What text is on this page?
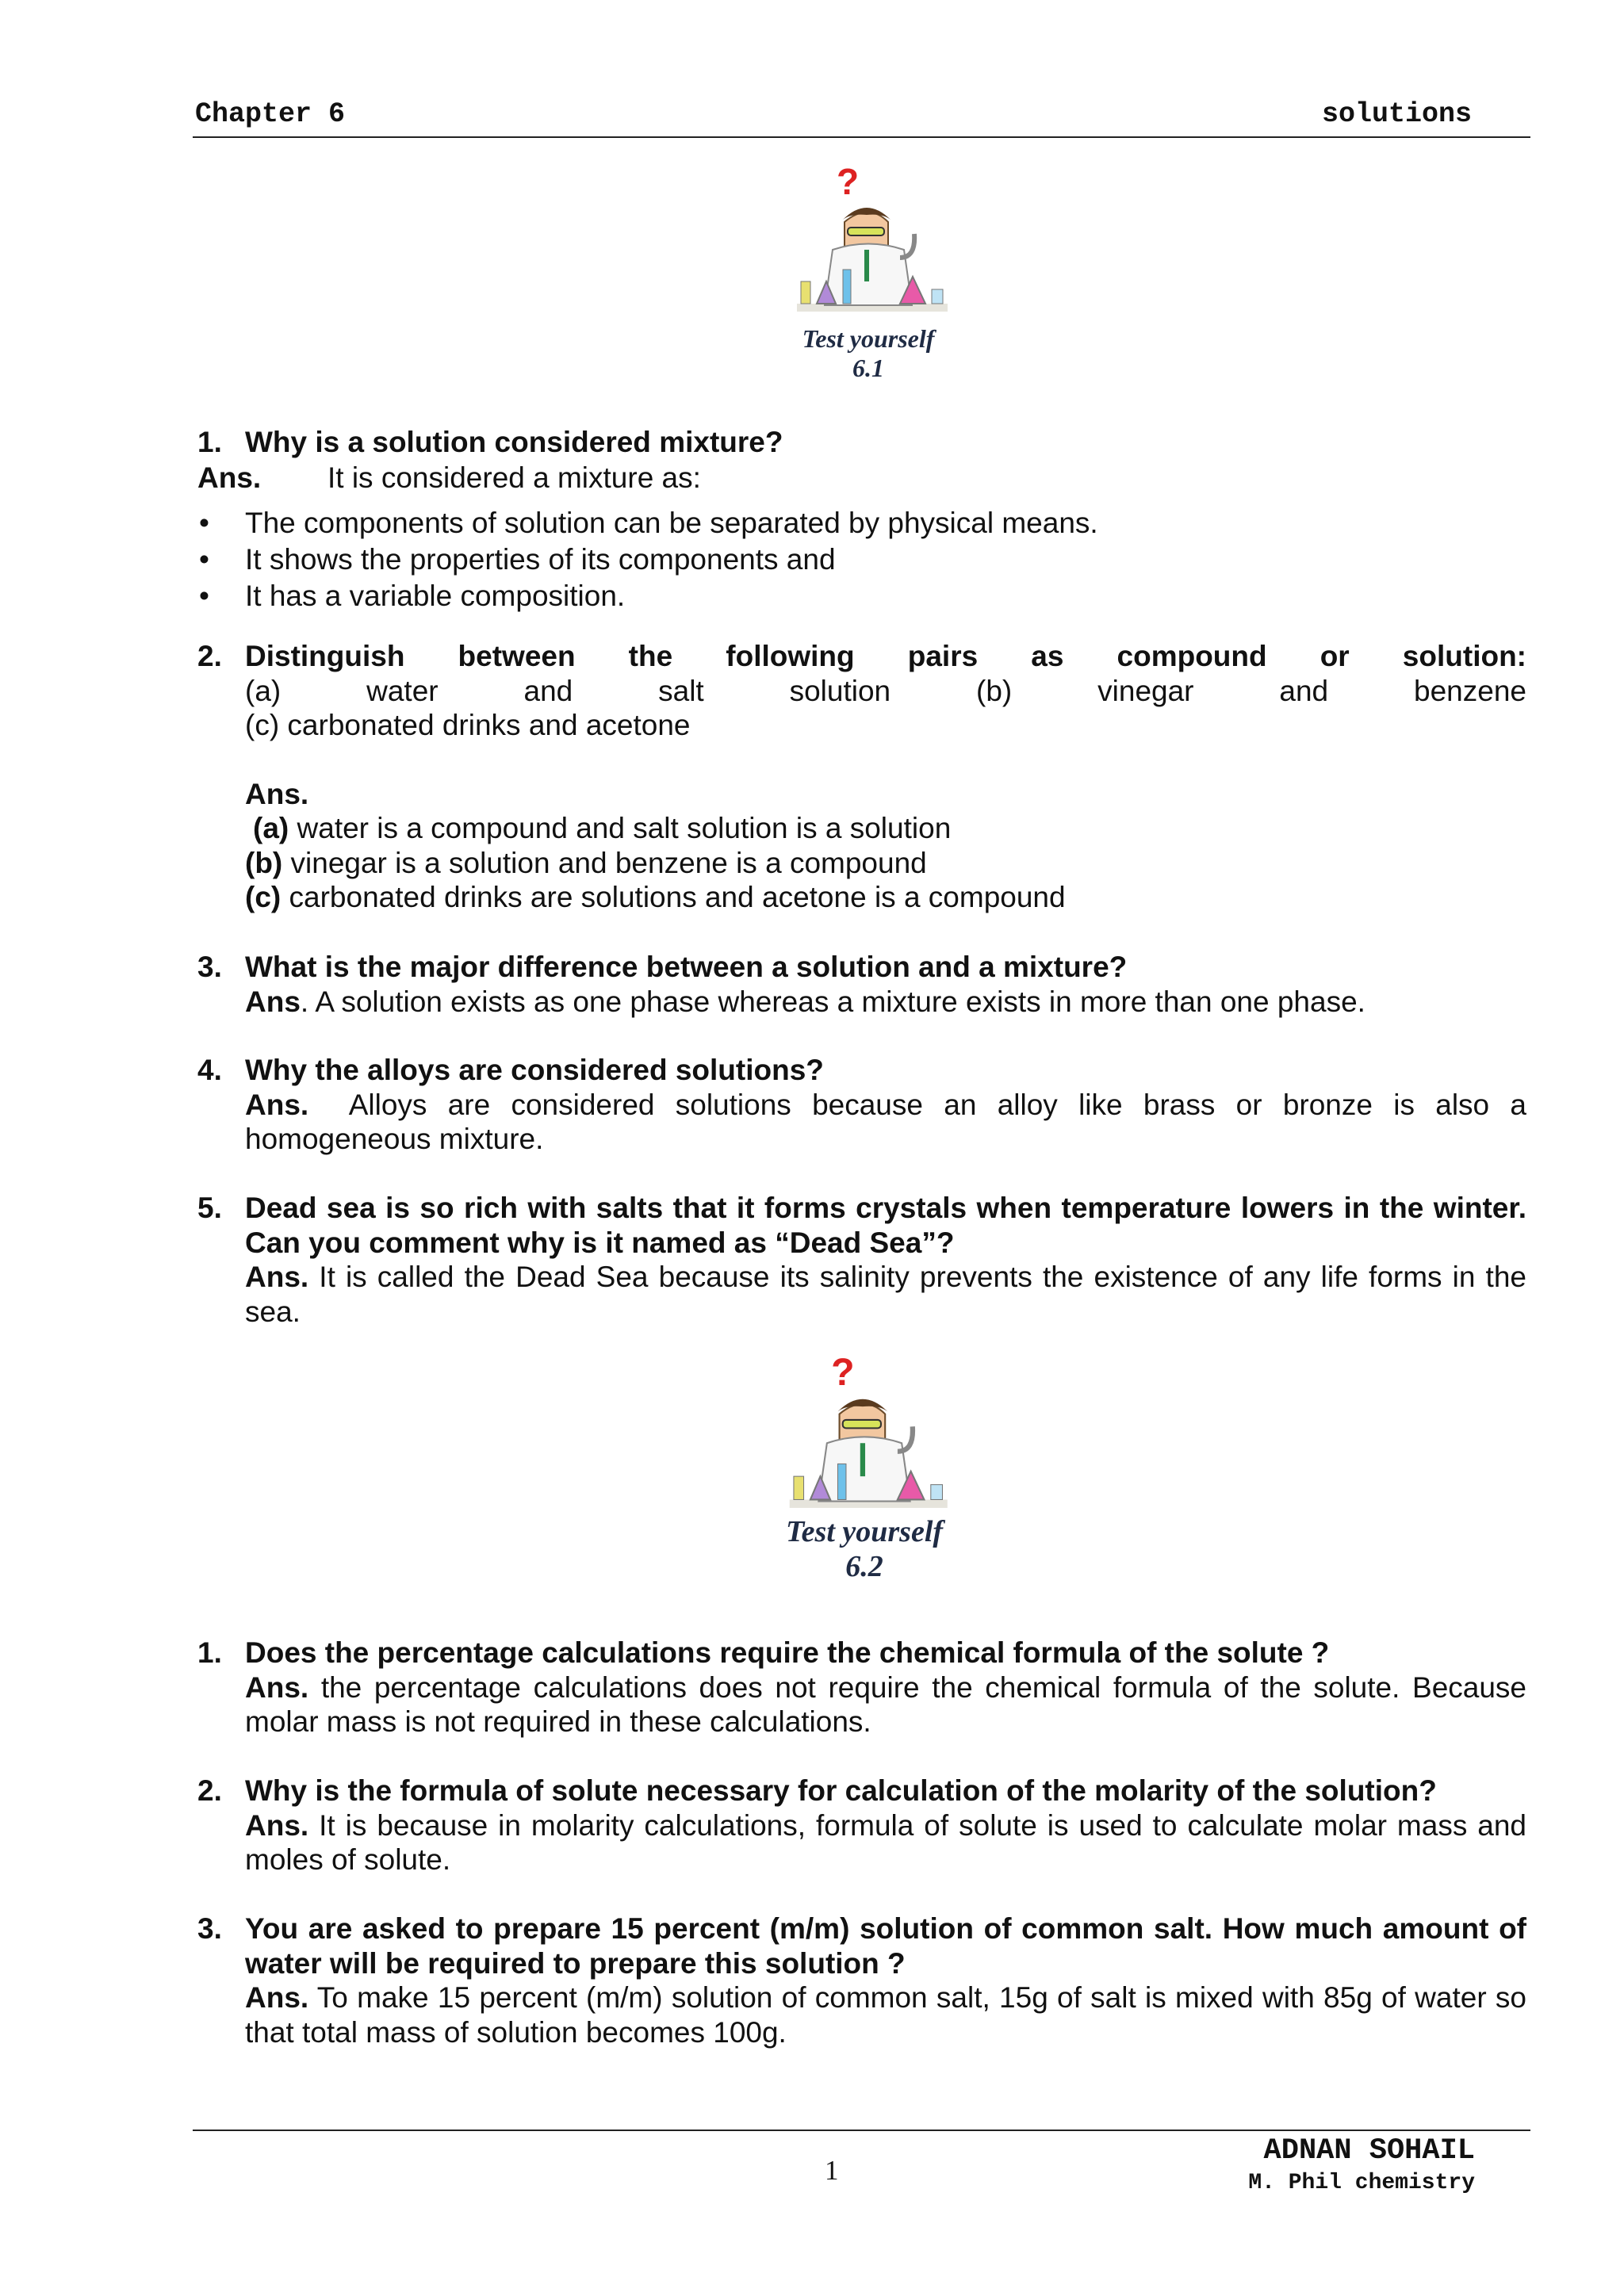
Chapter 6	solutions
?
Test yourself
6.1
1. Why is a solution considered mixture?

Ans. It is considered a mixture as:
• The components of solution can be separated by physical means.
• It shows the properties of its components and
• It has a variable composition.
2. Distinguish between the following pairs as compound or solution:

(a) water and salt solution (b) vinegar and benzene

(c) carbonated drinks and acetone

Ans.

(a) water is a compound and salt solution is a solution

(b) vinegar is a solution and benzene is a compound

(c) carbonated drinks are solutions and acetone is a compound

3. What is the major difference between a solution and a mixture?

Ans. A solution exists as one phase whereas a mixture exists in more than one phase.

4. Why the alloys are considered solutions?

Ans. Alloys are considered solutions because an alloy like brass or bronze is also a homogeneous mixture.

5. Dead sea is so rich with salts that it forms crystals when temperature lowers in the winter. Can you comment why is it named as “Dead Sea”?

Ans. It is called the Dead Sea because its salinity prevents the existence of any life forms in the sea.

?
Test yourself
6.2
1. Does the percentage calculations require the chemical formula of the solute ?

Ans. the percentage calculations does not require the chemical formula of the solute. Because molar mass is not required in these calculations.

2. Why is the formula of solute necessary for calculation of the molarity of the solution?

Ans. It is because in molarity calculations, formula of solute is used to calculate molar mass and moles of solute.

3. You are asked to prepare 15 percent (m/m) solution of common salt. How much amount of water will be required to prepare this solution ?

Ans. To make 15 percent (m/m) solution of common salt, 15g of salt is mixed with 85g of water so that total mass of solution becomes 100g.

1
ADNAN SOHAIL
M. Phil chemistry
